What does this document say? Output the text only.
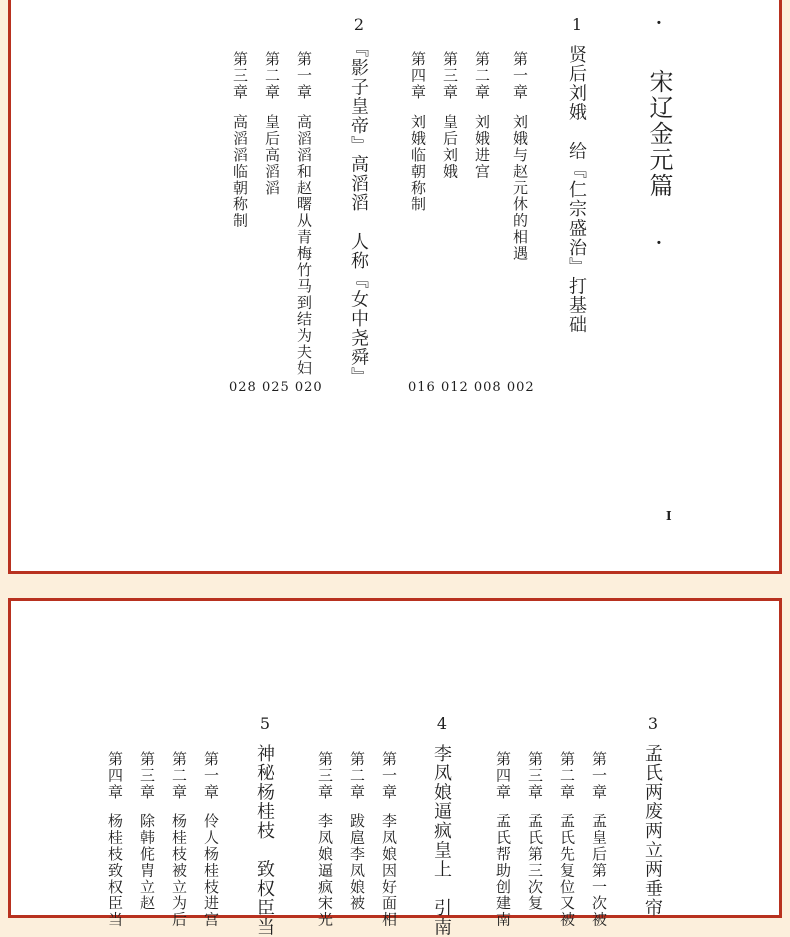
· 宋辽金元篇 ·
1
贤后刘娥　给『仁宗盛治』打基础
第一章
刘娥与赵元休的相遇
第二章
刘娥进宫
第三章
皇后刘娥
第四章
刘娥临朝称制
016 012 008 002
2
『影子皇帝』高滔滔　人称『女中尧舜』
第一章
高滔滔和赵曙从青梅竹马到结为夫妇
第二章
皇后高滔滔
第三章
高滔滔临朝称制
028 025 020
I
3
孟氏两废两立两垂帘
第一章
孟皇后第一次被
第二章
孟氏先复位又被
第三章
孟氏第三次复
第四章
孟氏帮助创建南
4
李凤娘逼疯皇上　引南
第一章
李凤娘因好面相
第二章
跋扈李凤娘被
第三章
李凤娘逼疯宋光
5
神秘杨桂枝　致权臣当
第一章
伶人杨桂枝进宫
第二章
杨桂枝被立为后
第三章
除韩侂胄立赵
第四章
杨桂枝致权臣当
